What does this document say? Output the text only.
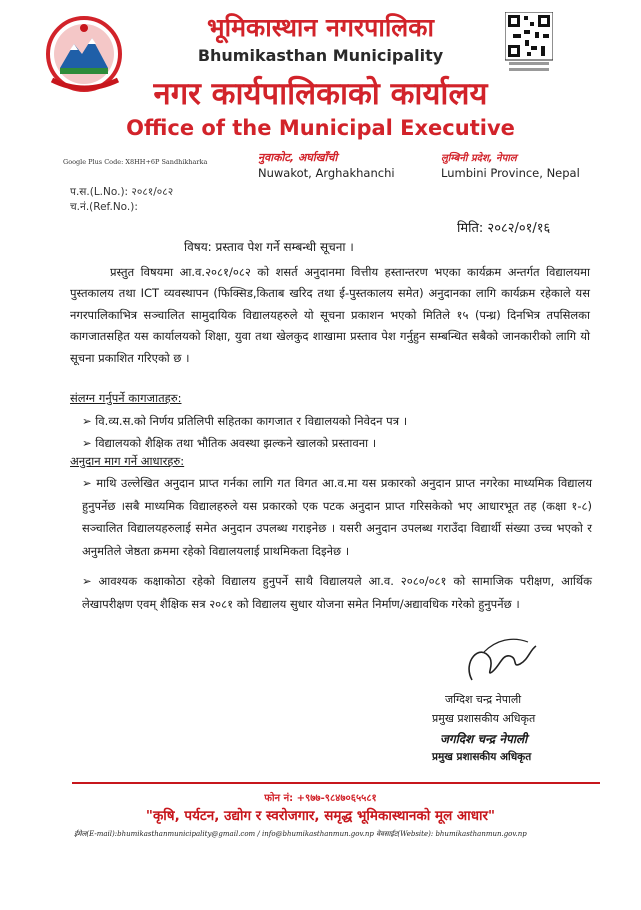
भूमिकास्थान नगरपालिका
Bhumikasthan Municipality
नगर कार्यपालिकाको कार्यालय
Office of the Municipal Executive
Google Plus Code: X8HH+6P Sandhikharka	नुवाकोट, अर्घाखाँची
Nuwakot, Arghakhanchi
लुम्बिनी प्रदेश, नेपाल
Lumbini Province, Nepal
प.स.(L.No.): २०८१/०८२
च.नं.(Ref.No.):
मिति: २०८२/०१/१६
विषय: प्रस्ताव पेश गर्ने सम्बन्धी सूचना ।
प्रस्तुत विषयमा आ.व.२०८१/०८२ को शसर्त अनुदानमा वित्तीय हस्तान्तरण भएका कार्यक्रम अन्तर्गत विद्यालयमा पुस्तकालय तथा ICT व्यवस्थापन (फिक्सिड,किताब खरिद तथा ई-पुस्तकालय समेत) अनुदानका लागि कार्यक्रम रहेकाले यस नगरपालिकाभित्र सञ्चालित सामुदायिक विद्यालयहरुले यो सूचना प्रकाशन भएको मितिले १५ (पन्ध्र) दिनभित्र तपसिलका कागजातसहित यस कार्यालयको शिक्षा, युवा तथा खेलकुद शाखामा प्रस्ताव पेश गर्नुहुन सम्बन्धित सबैको जानकारीको लागि यो सूचना प्रकाशित गरिएको छ ।
संलग्न गर्नुपर्ने कागजातहरु:
➢ वि.व्य.स.को निर्णय प्रतिलिपी सहितका कागजात र विद्यालयको निवेदन पत्र ।
➢ विद्यालयको शैक्षिक तथा भौतिक अवस्था झल्कने खालको प्रस्तावना ।
अनुदान माग गर्ने आधारहरु:
➢ माथि उल्लेखित अनुदान प्राप्त गर्नका लागि गत विगत आ.व.मा यस प्रकारको अनुदान प्राप्त नगरेका माध्यमिक विद्यालय हुनुपर्नेछ ।सबै माध्यमिक विद्यालहरुले यस प्रकारको एक पटक अनुदान प्राप्त गरिसकेको भए आधारभूत तह (कक्षा १-८) सञ्चालित विद्यालयहरुलाई समेत अनुदान उपलब्ध गराइनेछ । यसरी अनुदान उपलब्ध गराउँदा विद्यार्थी संख्या उच्च भएको र अनुमतिले जेष्ठता क्रममा रहेको विद्यालयलाई प्राथमिकता दिइनेछ ।
➢ आवश्यक कक्षाकोठा रहेको विद्यालय हुनुपर्ने साथै विद्यालयले आ.व. २०८०/०८१ को सामाजिक परीक्षण, आर्थिक लेखापरीक्षण एवम् शैक्षिक सत्र २०८१ को विद्यालय सुधार योजना समेत निर्माण/अद्यावधिक गरेको हुनुपर्नेछ ।
जग्दिश चन्द्र नेपाली
प्रमुख प्रशासकीय अधिकृत
जगदिश चन्द्र नेपाली
प्रमुख प्रशासकीय अधिकृत
फोन नं: +९७७-९८४७०६५५८१
"कृषि, पर्यटन, उद्योग र स्वरोजगार, समृद्ध भूमिकास्थानको मूल आधार"
ईमेल(E-mail):bhumikasthanmunicipality@gmail.com / info@bhumikasthanmun.gov.np वेवसाईट(Website): bhumikasthanmun.gov.np
